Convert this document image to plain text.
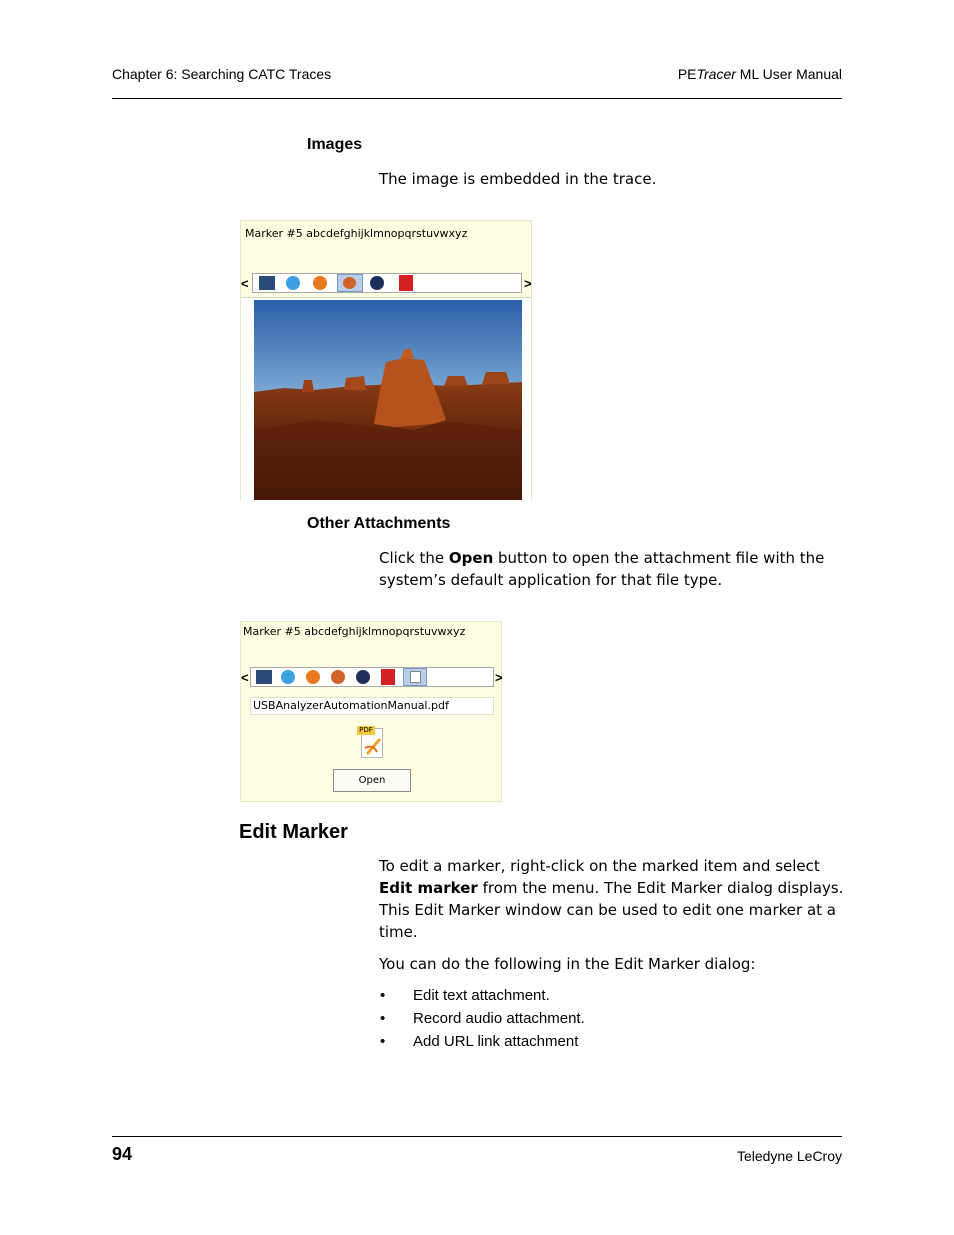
Chapter 6: Searching CATC Traces	PETracer ML User Manual
Images
The image is embedded in the trace.
Marker #5 abcdefghijklmnopqrstuvwxyz
<	>
Other Attachments
Click the Open button to open the attachment file with the system’s default application for that file type.
Marker #5 abcdefghijklmnopqrstuvwxyz
<	>
USBAnalyzerAutomationManual.pdf
PDF
Open
Edit Marker
To edit a marker, right-click on the marked item and select Edit marker from the menu. The Edit Marker dialog displays. This Edit Marker window can be used to edit one marker at a time.
You can do the following in the Edit Marker dialog:
• Edit text attachment.
• Record audio attachment.
• Add URL link attachment
94	Teledyne LeCroy
